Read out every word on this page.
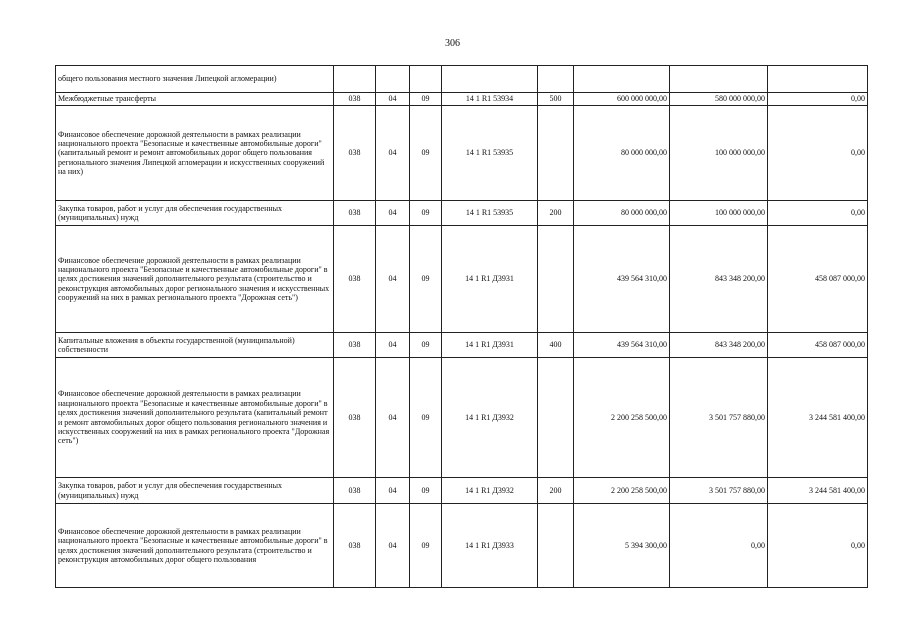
306
общего пользования местного значения Липецкой агломерации)								
Межбюджетные трансферты	038	04	09	14 1 R1 53934	500	600 000 000,00	580 000 000,00	0,00
Финансовое обеспечение дорожной деятельности в рамках реализации национального проекта "Безопасные и качественные автомобильные дороги" (капитальный ремонт и ремонт автомобильных дорог общего пользования регионального значения Липецкой агломерации и искусственных сооружений на них)	038	04	09	14 1 R1 53935		80 000 000,00	100 000 000,00	0,00
Закупка товаров, работ и услуг для обеспечения государственных (муниципальных) нужд	038	04	09	14 1 R1 53935	200	80 000 000,00	100 000 000,00	0,00
Финансовое обеспечение дорожной деятельности в рамках реализации национального проекта "Безопасные и качественные автомобильные дороги" в целях достижения значений дополнительного результата (строительство и реконструкция автомобильных дорог регионального значения и искусственных сооружений на них в рамках регионального проекта "Дорожная сеть")	038	04	09	14 1 R1 Д3931		439 564 310,00	843 348 200,00	458 087 000,00
Капитальные вложения в объекты государственной (муниципальной) собственности	038	04	09	14 1 R1 Д3931	400	439 564 310,00	843 348 200,00	458 087 000,00
Финансовое обеспечение дорожной деятельности в рамках реализации национального проекта "Безопасные и качественные автомобильные дороги" в целях достижения значений дополнительного результата (капитальный ремонт и ремонт автомобильных дорог общего пользования регионального значения и искусственных сооружений на них в рамках регионального проекта "Дорожная сеть")	038	04	09	14 1 R1 Д3932		2 200 258 500,00	3 501 757 880,00	3 244 581 400,00
Закупка товаров, работ и услуг для обеспечения государственных (муниципальных) нужд	038	04	09	14 1 R1 Д3932	200	2 200 258 500,00	3 501 757 880,00	3 244 581 400,00
Финансовое обеспечение дорожной деятельности в рамках реализации национального проекта "Безопасные и качественные автомобильные дороги" в целях достижения значений дополнительного результата (строительство и реконструкция автомобильных дорог общего пользования	038	04	09	14 1 R1 Д3933		5 394 300,00	0,00	0,00
